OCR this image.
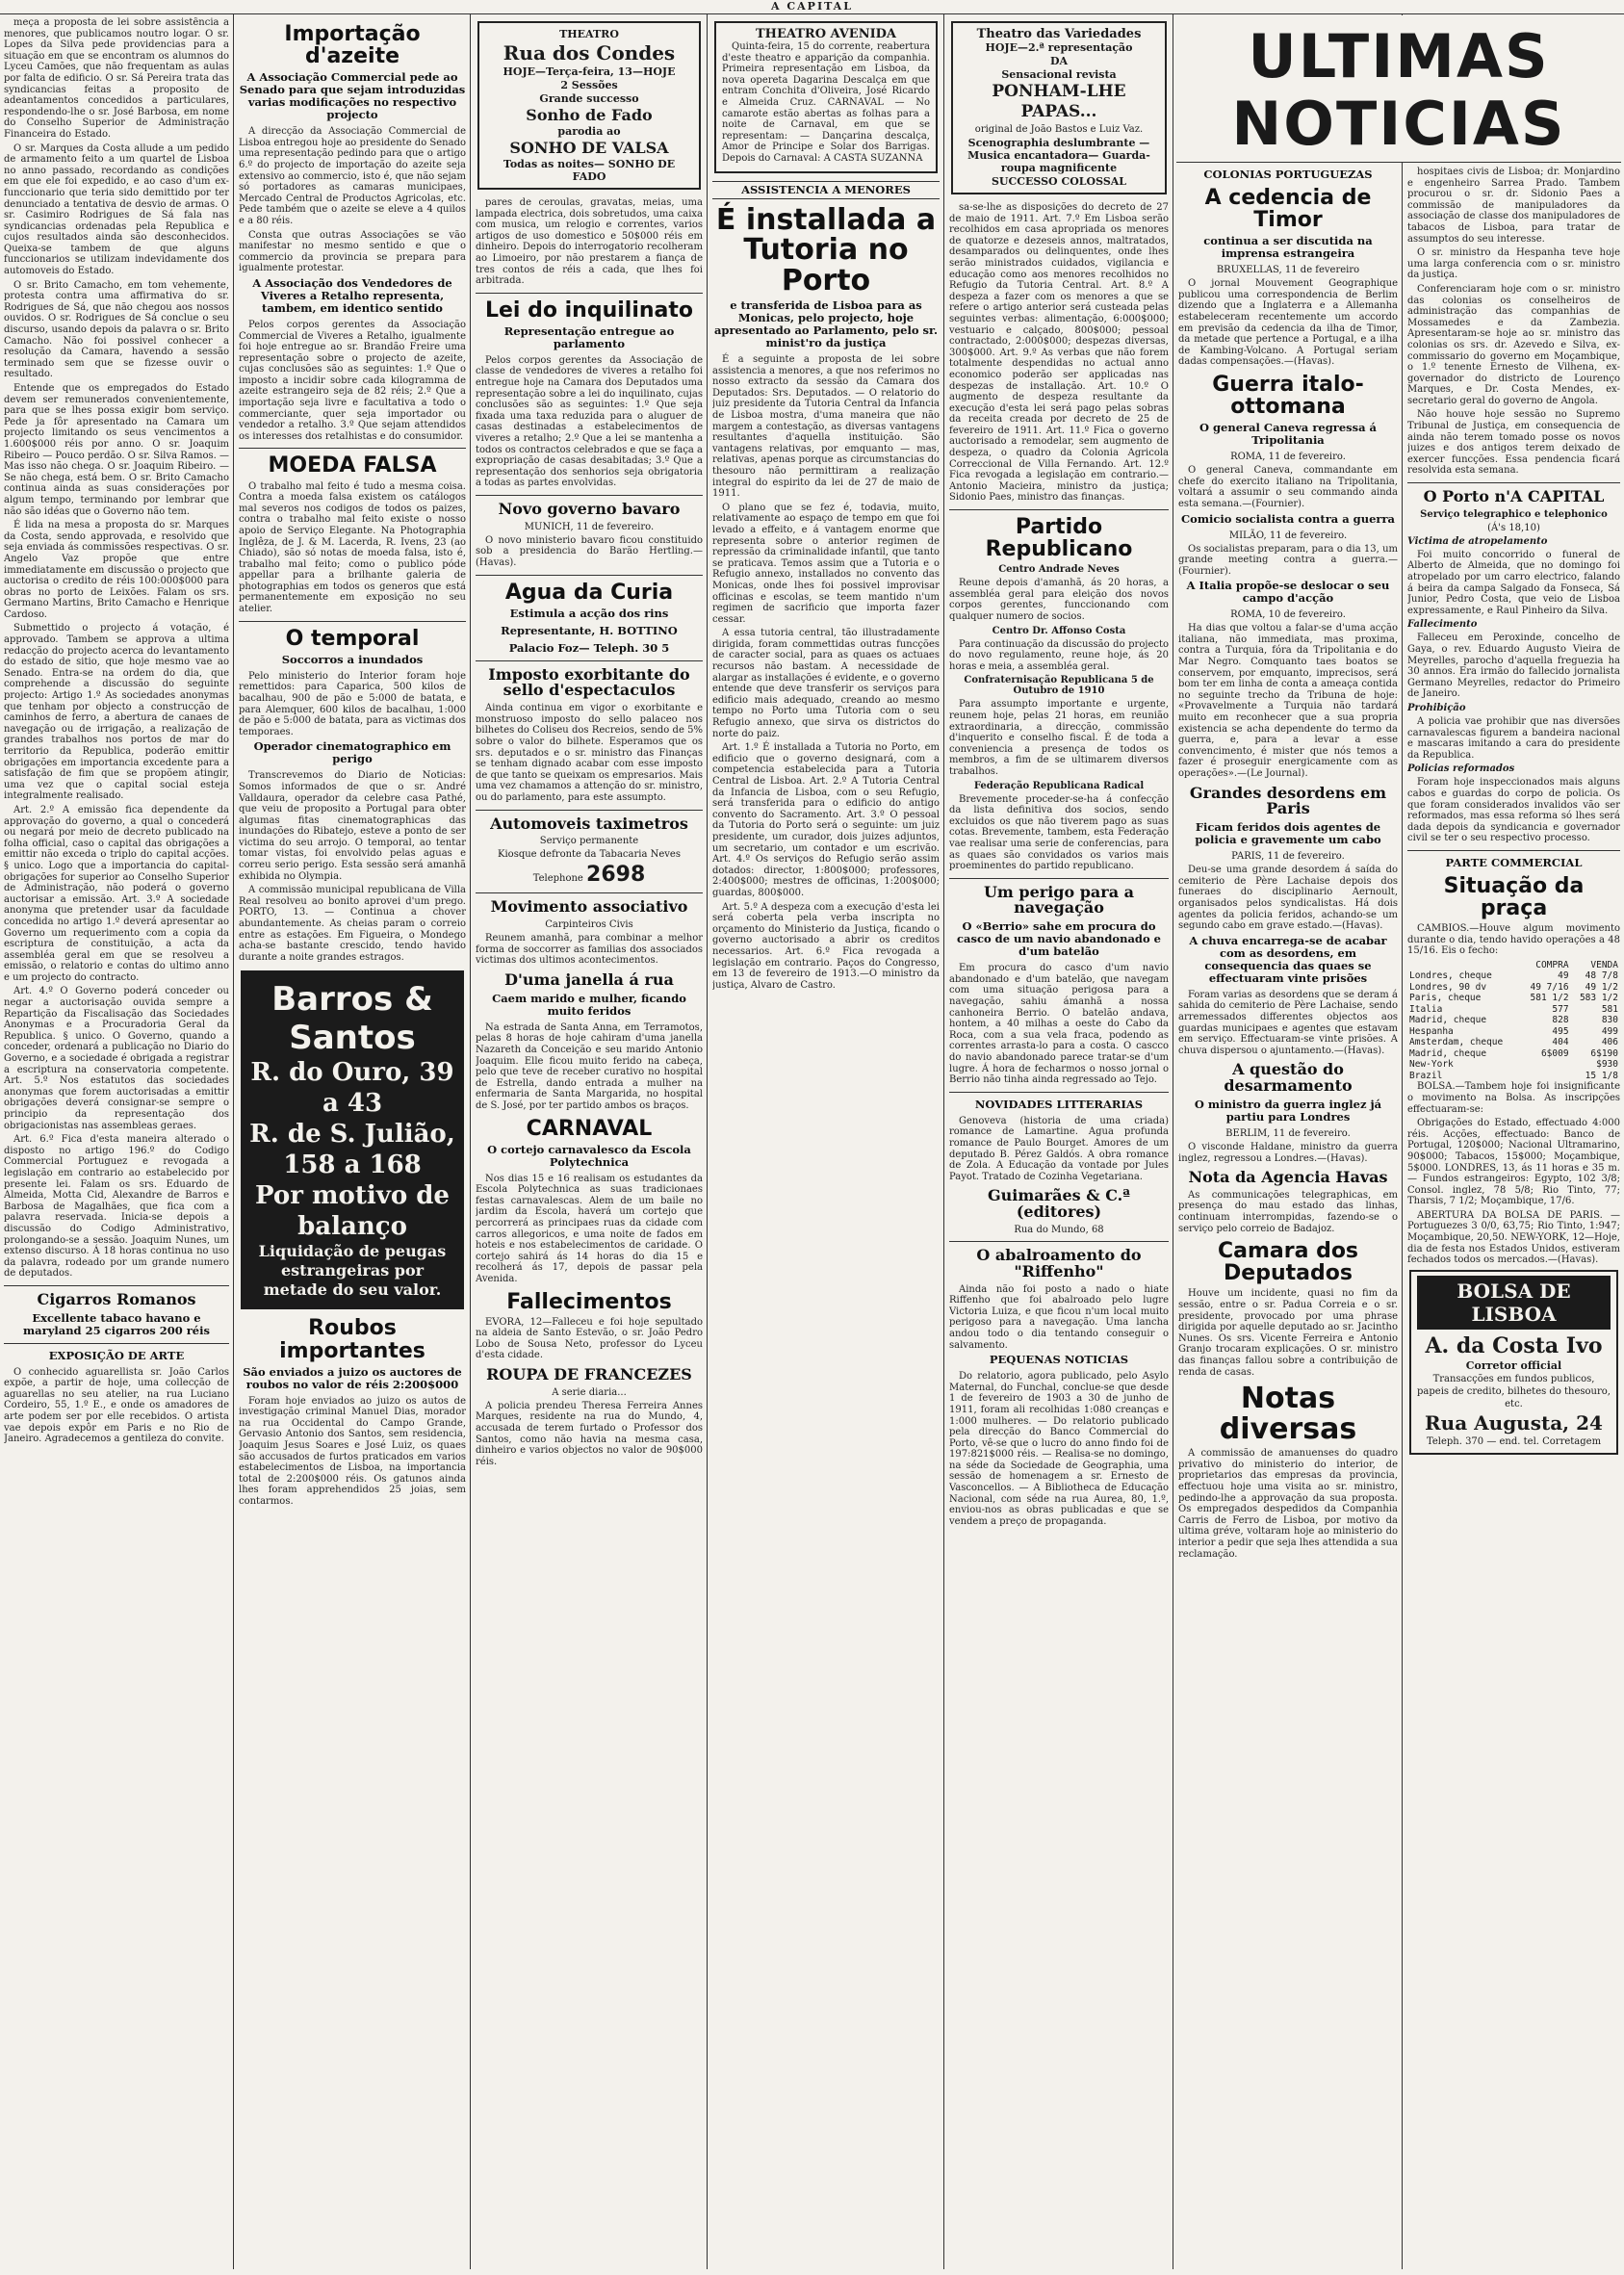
A CAPITAL

meça a proposta de lei sobre assistência a menores, que publicamos noutro logar. O sr. Lopes da Silva pede providencias para a situação em que se encontram os alumnos do Lyceu Camões, que não frequentam as aulas por falta de edificio. O sr. Sá Pereira trata das syndicancias feitas a proposito de adeantamentos concedidos a particulares, respondendo-lhe o sr. José Barbosa, em nome do Conselho Superior de Administração Financeira do Estado.

O sr. Marques da Costa allude a um pedido de armamento feito a um quartel de Lisboa no anno passado, recordando as condições em que ele foi expedido, e ao caso d'um ex-funccionario que teria sido demittido por ter denunciado a tentativa de desvio de armas. O sr. Casimiro Rodrigues de Sá fala nas syndicancias ordenadas pela Republica e cujos resultados ainda são desconhecidos. Queixa-se tambem de que alguns funccionarios se utilizam indevidamente dos automoveis do Estado.

O sr. Brito Camacho, em tom vehemente, protesta contra uma affirmativa do sr. Rodrigues de Sá, que não chegou aos nossos ouvidos. O sr. Rodrigues de Sá conclue o seu discurso, usando depois da palavra o sr. Brito Camacho. Não foi possivel conhecer a resolução da Camara, havendo a sessão terminado sem que se fizesse ouvir o resultado.

Entende que os empregados do Estado devem ser remunerados convenientemente, para que se lhes possa exigir bom serviço. Pede ja fôr apresentado na Camara um projecto limitando os seus vencimentos a 1.600$000 réis por anno. O sr. Joaquim Ribeiro — Pouco perdão. O sr. Silva Ramos. — Mas isso não chega. O sr. Joaquim Ribeiro. — Se não chega, está bem. O sr. Brito Camacho continua ainda as suas considerações por algum tempo, terminando por lembrar que não são idéas que o Governo não tem.

É lida na mesa a proposta do sr. Marques da Costa, sendo approvada, e resolvido que seja enviada ás commissões respectivas. O sr. Angelo Vaz propõe que entre immediatamente em discussão o projecto que auctorisa o credito de réis 100:000$000 para obras no porto de Leixões. Falam os srs. Germano Martins, Brito Camacho e Henrique Cardoso.

Submettido o projecto á votação, é approvado. Tambem se approva a ultima redacção do projecto acerca do levantamento do estado de sitio, que hoje mesmo vae ao Senado. Entra-se na ordem do dia, que comprehende a discussão do seguinte projecto: Artigo 1.º As sociedades anonymas que tenham por objecto a construcção de caminhos de ferro, a abertura de canaes de navegação ou de irrigação, a realização de grandes trabalhos nos portos de mar do territorio da Republica, poderão emittir obrigações em importancia excedente para a satisfação de fim que se propõem atingir, uma vez que o capital social esteja integralmente realisado.

Art. 2.º A emissão fica dependente da approvação do governo, a qual o concederá ou negará por meio de decreto publicado na folha official, caso o capital das obrigações a emittir não exceda o triplo do capital acções. § unico. Logo que a importancia do capital-obrigações for superior ao Conselho Superior de Administração, não poderá o governo auctorisar a emissão. Art. 3.º A sociedade anonyma que pretender usar da faculdade concedida no artigo 1.º deverá apresentar ao Governo um requerimento com a copia da escriptura de constituição, a acta da assembléa geral em que se resolveu a emissão, o relatorio e contas do ultimo anno e um projecto do contracto.

Art. 4.º O Governo poderá conceder ou negar a auctorisação ouvida sempre a Repartição da Fiscalisação das Sociedades Anonymas e a Procuradoria Geral da Republica. § unico. O Governo, quando a conceder, ordenará a publicação no Diario do Governo, e a sociedade é obrigada a registrar a escriptura na conservatoria competente. Art. 5.º Nos estatutos das sociedades anonymas que forem auctorisadas a emittir obrigações deverá consignar-se sempre o principio da representação dos obrigacionistas nas assembleas geraes.

Art. 6.º Fica d'esta maneira alterado o disposto no artigo 196.º do Codigo Commercial Portuguez e revogada a legislação em contrario ao estabelecido por presente lei. Falam os srs. Eduardo de Almeida, Motta Cid, Alexandre de Barros e Barbosa de Magalhães, que fica com a palavra reservada. Inicia-se depois a discussão do Codigo Administrativo, prolongando-se a sessão. Joaquim Nunes, um extenso discurso. Á 18 horas continua no uso da palavra, rodeado por um grande numero de deputados.

Cigarros Romanos
Excellente tabaco havano e maryland 25 cigarros 200 réis
EXPOSIÇÃO DE ARTE

O conhecido aguarellista sr. João Carlos expõe, a partir de hoje, uma collecção de aguarellas no seu atelier, na rua Luciano Cordeiro, 55, 1.º E., e onde os amadores de arte podem ser por elle recebidos. O artista vae depois expôr em Paris e no Rio de Janeiro. Agradecemos a gentileza do convite.

Importação d'azeite
A Associação Commercial pede ao Senado para que sejam introduzidas varias modificações no respectivo projecto

A direcção da Associação Commercial de Lisboa entregou hoje ao presidente do Senado uma representação pedindo para que o artigo 6.º do projecto de importação do azeite seja extensivo ao commercio, isto é, que não sejam só portadores as camaras municipaes, Mercado Central de Productos Agricolas, etc. Pede também que o azeite se eleve a 4 quilos e a 80 réis.

Consta que outras Associações se vão manifestar no mesmo sentido e que o commercio da provincia se prepara para igualmente protestar.

A Associação dos Vendedores de Viveres a Retalho representa, tambem, em identico sentido

Pelos corpos gerentes da Associação Commercial de Viveres a Retalho, igualmente foi hoje entregue ao sr. Brandão Freire uma representação sobre o projecto de azeite, cujas conclusões são as seguintes: 1.º Que o imposto a incidir sobre cada kilogramma de azeite estrangeiro seja de 82 réis; 2.º Que a importação seja livre e facultativa a todo o commerciante, quer seja importador ou vendedor a retalho. 3.º Que sejam attendidos os interesses dos retalhistas e do consumidor.

MOEDA FALSA

O trabalho mal feito é tudo a mesma coisa. Contra a moeda falsa existem os catálogos mal severos nos codigos de todos os paizes, contra o trabalho mal feito existe o nosso apoio de Serviço Elegante. Na Photographia Inglêza, de J. & M. Lacerda, R. Ivens, 23 (ao Chiado), são só notas de moeda falsa, isto é, trabalho mal feito; como o publico póde appellar para a brilhante galeria de photographias em todos os generos que está permanentemente em exposição no seu atelier.

O temporal
Soccorros a inundados

Pelo ministerio do Interior foram hoje remettidos: para Caparica, 500 kilos de bacalhau, 900 de pão e 5:000 de batata, e para Alemquer, 600 kilos de bacalhau, 1:000 de pão e 5:000 de batata, para as victimas dos temporaes.

Operador cinematographico em perigo

Transcrevemos do Diario de Noticias: Somos informados de que o sr. André Valldaura, operador da celebre casa Pathé, que veiu de proposito a Portugal para obter algumas fitas cinematographicas das inundações do Ribatejo, esteve a ponto de ser victima do seu arrojo. O temporal, ao tentar tomar vistas, foi envolvido pelas aguas e correu serio perigo. Esta sessão será amanhã exhibida no Olympia.

A commissão municipal republicana de Villa Real resolveu ao bonito aprovei d'um prego. PORTO, 13. — Continua a chover abundantemente. As cheias param o correio entre as estações. Em Figueira, o Mondego acha-se bastante crescido, tendo havido durante a noite grandes estragos.

Barros & Santos
R. do Ouro, 39 a 43
R. de S. Julião, 158 a 168
Por motivo de balanço
Liquidação de peugas estrangeiras por metade do seu valor.
Roubos importantes
São enviados a juizo os auctores de roubos no valor de réis 2:200$000

Foram hoje enviados ao juizo os autos de investigação criminal Manuel Dias, morador na rua Occidental do Campo Grande, Gervasio Antonio dos Santos, sem residencia, Joaquim Jesus Soares e José Luiz, os quaes são accusados de furtos praticados em varios estabelecimentos de Lisboa, na importancia total de 2:200$000 réis. Os gatunos ainda lhes foram apprehendidos 25 joias, sem contarmos.

THEATRO
Rua dos Condes
HOJE—Terça-feira, 13—HOJE
2 Sessões
Grande successo
Sonho de Fado
parodia ao
SONHO DE VALSA
Todas as noites— SONHO DE FADO

pares de ceroulas, gravatas, meias, uma lampada electrica, dois sobretudos, uma caixa com musica, um relogio e correntes, varios artigos de uso domestico e 50$000 réis em dinheiro. Depois do interrogatorio recolheram ao Limoeiro, por não prestarem a fiança de tres contos de réis a cada, que lhes foi arbitrada.

Lei do inquilinato
Representação entregue ao parlamento

Pelos corpos gerentes da Associação de classe de vendedores de viveres a retalho foi entregue hoje na Camara dos Deputados uma representação sobre a lei do inquilinato, cujas conclusões são as seguintes: 1.º Que seja fixada uma taxa reduzida para o aluguer de casas destinadas a estabelecimentos de viveres a retalho; 2.º Que a lei se mantenha a todos os contractos celebrados e que se faça a expropriação de casas desabitadas; 3.º Que a representação dos senhorios seja obrigatoria a todas as partes envolvidas.

Novo governo bavaro
MUNICH, 11 de fevereiro.

O novo ministerio bavaro ficou constituido sob a presidencia do Barão Hertling.—(Havas).

Agua da Curia
Estimula a acção dos rins
Representante, H. BOTTINO
Palacio Foz— Teleph. 30 5
Imposto exorbitante do sello d'espectaculos

Ainda continua em vigor o exorbitante e monstruoso imposto do sello palaceo nos bilhetes do Coliseu dos Recreios, sendo de 5% sobre o valor do bilhete. Esperamos que os srs. deputados e o sr. ministro das Finanças se tenham dignado acabar com esse imposto de que tanto se queixam os empresarios. Mais uma vez chamamos a attenção do sr. ministro, ou do parlamento, para este assumpto.

Automoveis taximetros
Serviço permanente
Kiosque defronte da Tabacaria Neves
Telephone 2698
Movimento associativo
Carpinteiros Civis

Reunem amanhã, para combinar a melhor forma de soccorrer as familias dos associados victimas dos ultimos acontecimentos.

D'uma janella á rua
Caem marido e mulher, ficando muito feridos

Na estrada de Santa Anna, em Terramotos, pelas 8 horas de hoje cahiram d'uma janella Nazareth da Conceição e seu marido Antonio Joaquim. Elle ficou muito ferido na cabeça, pelo que teve de receber curativo no hospital de Estrella, dando entrada a mulher na enfermaria de Santa Margarida, no hospital de S. José, por ter partido ambos os braços.

CARNAVAL
O cortejo carnavalesco da Escola Polytechnica

Nos dias 15 e 16 realisam os estudantes da Escola Polytechnica as suas tradicionaes festas carnavalescas. Alem de um baile no jardim da Escola, haverá um cortejo que percorrerá as principaes ruas da cidade com carros allegoricos, e uma noite de fados em hoteis e nos estabelecimentos de caridade. O cortejo sahirá ás 14 horas do dia 15 e recolherá ás 17, depois de passar pela Avenida.

Fallecimentos

EVORA, 12—Falleceu e foi hoje sepultado na aldeia de Santo Estevão, o sr. João Pedro Lobo de Sousa Neto, professor do Lyceu d'esta cidade.

ROUPA DE FRANCEZES
A serie diaria...

A policia prendeu Theresa Ferreira Annes Marques, residente na rua do Mundo, 4, accusada de terem furtado o Professor dos Santos, como não havia na mesma casa, dinheiro e varios objectos no valor de 90$000 réis.

THEATRO AVENIDA

Quinta-feira, 15 do corrente, reabertura d'este theatro e apparição da companhia. Primeira representação em Lisboa, da nova opereta Dagarina Descalça em que entram Conchita d'Oliveira, José Ricardo e Almeida Cruz. CARNAVAL — No camarote estão abertas as folhas para a noite de Carnaval, em que se representam: — Dançarina descalça, Amor de Principe e Solar dos Barrigas. Depois do Carnaval: A CASTA SUZANNA

ASSISTENCIA A MENORES
É installada a Tutoria no Porto
e transferida de Lisboa para as Monicas, pelo projecto, hoje apresentado ao Parlamento, pelo sr. minist'ro da justiça

É a seguinte a proposta de lei sobre assistencia a menores, a que nos referimos no nosso extracto da sessão da Camara dos Deputados: Srs. Deputados. — O relatorio do juiz presidente da Tutoria Central da Infancia de Lisboa mostra, d'uma maneira que não margem a contestação, as diversas vantagens resultantes d'aquella instituição. São vantagens relativas, por emquanto — mas, relativas, apenas porque as circumstancias do thesouro não permittiram a realização integral do espirito da lei de 27 de maio de 1911.

O plano que se fez é, todavia, muito, relativamente ao espaço de tempo em que foi levado a effeito, e á vantagem enorme que representa sobre o anterior regimen de repressão da criminalidade infantil, que tanto se praticava. Temos assim que a Tutoria e o Refugio annexo, installados no convento das Monicas, onde lhes foi possivel improvisar officinas e escolas, se teem mantido n'um regimen de sacrificio que importa fazer cessar.

A essa tutoria central, tão illustradamente dirigida, foram commettidas outras funcções de caracter social, para as quaes os actuaes recursos não bastam. A necessidade de alargar as installações é evidente, e o governo entende que deve transferir os serviços para edificio mais adequado, creando ao mesmo tempo no Porto uma Tutoria com o seu Refugio annexo, que sirva os districtos do norte do paiz.

Art. 1.º É installada a Tutoria no Porto, em edificio que o governo designará, com a competencia estabelecida para a Tutoria Central de Lisboa. Art. 2.º A Tutoria Central da Infancia de Lisboa, com o seu Refugio, será transferida para o edificio do antigo convento do Sacramento. Art. 3.º O pessoal da Tutoria do Porto será o seguinte: um juiz presidente, um curador, dois juizes adjuntos, um secretario, um contador e um escrivão. Art. 4.º Os serviços do Refugio serão assim dotados: director, 1:800$000; professores, 2:400$000; mestres de officinas, 1:200$000; guardas, 800$000.

Art. 5.º A despeza com a execução d'esta lei será coberta pela verba inscripta no orçamento do Ministerio da Justiça, ficando o governo auctorisado a abrir os creditos necessarios. Art. 6.º Fica revogada a legislação em contrario. Paços do Congresso, em 13 de fevereiro de 1913.—O ministro da justiça, Alvaro de Castro.

Theatro das Variedades
HOJE—2.ª representação
DA
Sensacional revista
PONHAM-LHE PAPAS...
original de João Bastos e Luiz Vaz.
Scenographia deslumbrante —Musica encantadora— Guarda-roupa magnificente
SUCCESSO COLOSSAL

sa-se-lhe as disposições do decreto de 27 de maio de 1911. Art. 7.º Em Lisboa serão recolhidos em casa apropriada os menores de quatorze e dezeseis annos, maltratados, desamparados ou delinquentes, onde lhes serão ministrados cuidados, vigilancia e educação como aos menores recolhidos no Refugio da Tutoria Central. Art. 8.º A despeza a fazer com os menores a que se refere o artigo anterior será custeada pelas seguintes verbas: alimentação, 6:000$000; vestuario e calçado, 800$000; pessoal contractado, 2:000$000; despezas diversas, 300$000. Art. 9.º As verbas que não forem totalmente despendidas no actual anno economico poderão ser applicadas nas despezas de installação. Art. 10.º O augmento de despeza resultante da execução d'esta lei será pago pelas sobras da receita creada por decreto de 25 de fevereiro de 1911. Art. 11.º Fica o governo auctorisado a remodelar, sem augmento de despeza, o quadro da Colonia Agricola Correccional de Villa Fernando. Art. 12.º Fica revogada a legislação em contrario.—Antonio Macieira, ministro da justiça; Sidonio Paes, ministro das finanças.

Partido Republicano
Centro Andrade Neves

Reune depois d'amanhã, ás 20 horas, a assembléa geral para eleição dos novos corpos gerentes, funccionando com qualquer numero de socios.

Centro Dr. Affonso Costa

Para continuação da discussão do projecto do novo regulamento, reune hoje, ás 20 horas e meia, a assembléa geral.

Confraternisação Republicana 5 de Outubro de 1910

Para assumpto importante e urgente, reunem hoje, pelas 21 horas, em reunião extraordinaria, a direcção, commissão d'inquerito e conselho fiscal. É de toda a conveniencia a presença de todos os membros, a fim de se ultimarem diversos trabalhos.

Federação Republicana Radical

Brevemente proceder-se-ha á confecção da lista definitiva dos socios, sendo excluidos os que não tiverem pago as suas cotas. Brevemente, tambem, esta Federação vae realisar uma serie de conferencias, para as quaes são convidados os varios mais proeminentes do partido republicano.

Um perigo para a navegação
O «Berrio» sahe em procura do casco de um navio abandonado e d'um batelão

Em procura do casco d'um navio abandonado e d'um batelão, que navegam com uma situação perigosa para a navegação, sahiu ámanhã a nossa canhoneira Berrio. O batelão andava, hontem, a 40 milhas a oeste do Cabo da Roca, com a sua vela fraca, podendo as correntes arrasta-lo para a costa. O cascco do navio abandonado parece tratar-se d'um lugre. Á hora de fecharmos o nosso jornal o Berrio não tinha ainda regressado ao Tejo.

NOVIDADES LITTERARIAS

Genoveva (historia de uma criada) romance de Lamartine. Agua profunda romance de Paulo Bourget. Amores de um deputado B. Pérez Galdós. A obra romance de Zola. A Educação da vontade por Jules Payot. Tratado de Cozinha Vegetariana.

Guimarães & C.ª (editores)
Rua do Mundo, 68
O abalroamento do "Riffenho"

Ainda não foi posto a nado o hiate Riffenho que foi abalroado pelo lugre Victoria Luiza, e que ficou n'um local muito perigoso para a navegação. Uma lancha andou todo o dia tentando conseguir o salvamento.

PEQUENAS NOTICIAS

Do relatorio, agora publicado, pelo Asylo Maternal, do Funchal, conclue-se que desde 1 de fevereiro de 1903 a 30 de junho de 1911, foram ali recolhidas 1:080 creanças e 1:000 mulheres. — Do relatorio publicado pela direcção do Banco Commercial do Porto, vê-se que o lucro do anno findo foi de 197:821$000 réis. — Realisa-se no domingo, na séde da Sociedade de Geographia, uma sessão de homenagem a sr. Ernesto de Vasconcellos. — A Bibliotheca de Educação Nacional, com séde na rua Aurea, 80, 1.º, enviou-nos as obras publicadas e que se vendem a preço de propaganda.

COLONIAS PORTUGUEZAS
A cedencia de Timor
continua a ser discutida na imprensa estrangeira
BRUXELLAS, 11 de fevereiro

O jornal Mouvement Geographique publicou uma correspondencia de Berlim dizendo que a Inglaterra e a Allemanha estabeleceram recentemente um accordo em previsão da cedencia da ilha de Timor, da metade que pertence a Portugal, e a ilha de Kambing-Volcano. A Portugal seriam dadas compensações.—(Havas).

Guerra italo-ottomana
O general Caneva regressa á Tripolitania
ROMA, 11 de fevereiro.

O general Caneva, commandante em chefe do exercito italiano na Tripolitania, voltará a assumir o seu commando ainda esta semana.—(Fournier).

Comicio socialista contra a guerra
MILÃO, 11 de fevereiro.

Os socialistas preparam, para o dia 13, um grande meeting contra a guerra.—(Fournier).

A Italia propõe-se deslocar o seu campo d'acção
ROMA, 10 de fevereiro.

Ha dias que voltou a falar-se d'uma acção italiana, não immediata, mas proxima, contra a Turquia, fóra da Tripolitania e do Mar Negro. Comquanto taes boatos se conservem, por emquanto, imprecisos, será bom ter em linha de conta a ameaça contida no seguinte trecho da Tribuna de hoje: «Provavelmente a Turquia não tardará muito em reconhecer que a sua propria existencia se acha dependente do termo da guerra, e, para a levar a esse convencimento, é mister que nós temos a fazer é proseguir energicamente com as operações».—(Le Journal).

Grandes desordens em Paris
Ficam feridos dois agentes de policia e gravemente um cabo
PARIS, 11 de fevereiro.

Deu-se uma grande desordem á saída do cemiterio de Père Lachaise depois dos funeraes do disciplinario Aernoult, organisados pelos syndicalistas. Há dois agentes da policia feridos, achando-se um segundo cabo em grave estado.—(Havas).

A chuva encarrega-se de acabar com as desordens, em consequencia das quaes se effectuaram vinte prisões

Foram varias as desordens que se deram á sahida do cemiterio de Père Lachaise, sendo arremessados differentes objectos aos guardas municipaes e agentes que estavam em serviço. Effectuaram-se vinte prisões. A chuva dispersou o ajuntamento.—(Havas).

A questão do desarmamento
O ministro da guerra inglez já partiu para Londres
BERLIM, 11 de fevereiro.

O visconde Haldane, ministro da guerra inglez, regressou a Londres.—(Havas).

Nota da Agencia Havas

As communicações telegraphicas, em presença do mau estado das linhas, continuam interrompidas, fazendo-se o serviço pelo correio de Badajoz.

Camara dos Deputados

Houve um incidente, quasi no fim da sessão, entre o sr. Padua Correia e o sr. presidente, provocado por uma phrase dirigida por aquelle deputado ao sr. Jacintho Nunes. Os srs. Vicente Ferreira e Antonio Granjo trocaram explicações. O sr. ministro das finanças fallou sobre a contribuição de renda de casas.

Notas diversas

A commissão de amanuenses do quadro privativo do ministerio do interior, de proprietarios das empresas da provincia, effectuou hoje uma visita ao sr. ministro, pedindo-lhe a approvação da sua proposta. Os empregados despedidos da Companhia Carris de Ferro de Lisboa, por motivo da ultima gréve, voltaram hoje ao ministerio do interior a pedir que seja lhes attendida a sua reclamação.

hospitaes civis de Lisboa; dr. Monjardino e engenheiro Sarrea Prado. Tambem procurou o sr. dr. Sidonio Paes a commissão de manipuladores da associação de classe dos manipuladores de tabacos de Lisboa, para tratar de assumptos do seu interesse.

O sr. ministro da Hespanha teve hoje uma larga conferencia com o sr. ministro da justiça.

Conferenciaram hoje com o sr. ministro das colonias os conselheiros de administração das companhias de Mossamedes e da Zambezia. Apresentaram-se hoje ao sr. ministro das colonias os srs. dr. Azevedo e Silva, ex-commissario do governo em Moçambique, o 1.º tenente Ernesto de Vilhena, ex-governador do districto de Lourenço Marques, e Dr. Costa Mendes, ex-secretario geral do governo de Angola.

Não houve hoje sessão no Supremo Tribunal de Justiça, em consequencia de ainda não terem tomado posse os novos juizes e dos antigos terem deixado de exercer funcções. Essa pendencia ficará resolvida esta semana.

O Porto n'A CAPITAL
Serviço telegraphico e telephonico
(Á's 18,10)
Victima de atropelamento

Foi muito concorrido o funeral de Alberto de Almeida, que no domingo foi atropelado por um carro electrico, falando á beira da campa Salgado da Fonseca, Sá Junior, Pedro Costa, que veio de Lisboa expressamente, e Raul Pinheiro da Silva.

Fallecimento

Falleceu em Peroxinde, concelho de Gaya, o rev. Eduardo Augusto Vieira de Meyrelles, parocho d'aquella freguezia ha 30 annos. Era irmão do fallecido jornalista Germano Meyrelles, redactor do Primeiro de Janeiro.

Prohibição

A policia vae prohibir que nas diversões carnavalescas figurem a bandeira nacional e mascaras imitando a cara do presidente da Republica.

Policias reformados

Foram hoje inspeccionados mais alguns cabos e guardas do corpo de policia. Os que foram considerados invalidos vão ser reformados, mas essa reforma só lhes será dada depois da syndicancia e governador civil se ter o seu respectivo processo.

PARTE COMMERCIAL
Situação da praça

CAMBIOS.—Houve algum movimento durante o dia, tendo havido operações a 48 15/16. Eis o fecho:

	COMPRA	VENDA
Londres, cheque	49	48 7/8
Londres, 90 dv	49 7/16	49 1/2
Paris, cheque	581 1/2	583 1/2
Italia	577	581
Madrid, cheque	828	830
Hespanha	495	499
Amsterdam, cheque	404	406
Madrid, cheque	6$009	6$190
New-York		$930
Brazil		15 1/8

BOLSA.—Tambem hoje foi insignificante o movimento na Bolsa. As inscripções effectuaram-se:

Obrigações do Estado, effectuado 4:000 réis. Acções, effectuado: Banco de Portugal, 120$000; Nacional Ultramarino, 90$000; Tabacos, 15$000; Moçambique, 5$000. LONDRES, 13, ás 11 horas e 35 m. — Fundos estrangeiros: Egypto, 102 3/8; Consol. inglez, 78 5/8; Rio Tinto, 77; Tharsis, 7 1/2; Moçambique, 17/6.

ABERTURA DA BOLSA DE PARIS. — Portuguezes 3 0/0, 63,75; Rio Tinto, 1:947; Moçambique, 20,50. NEW-YORK, 12—Hoje, dia de festa nos Estados Unidos, estiveram fechados todos os mercados.—(Havas).

BOLSA DE LISBOA
A. da Costa Ivo
Corretor official
Transacções em fundos publicos, papeis de credito, bilhetes do thesouro, etc.
Rua Augusta, 24
Teleph. 370 — end. tel. Corretagem
ULTIMAS NOTICIAS
